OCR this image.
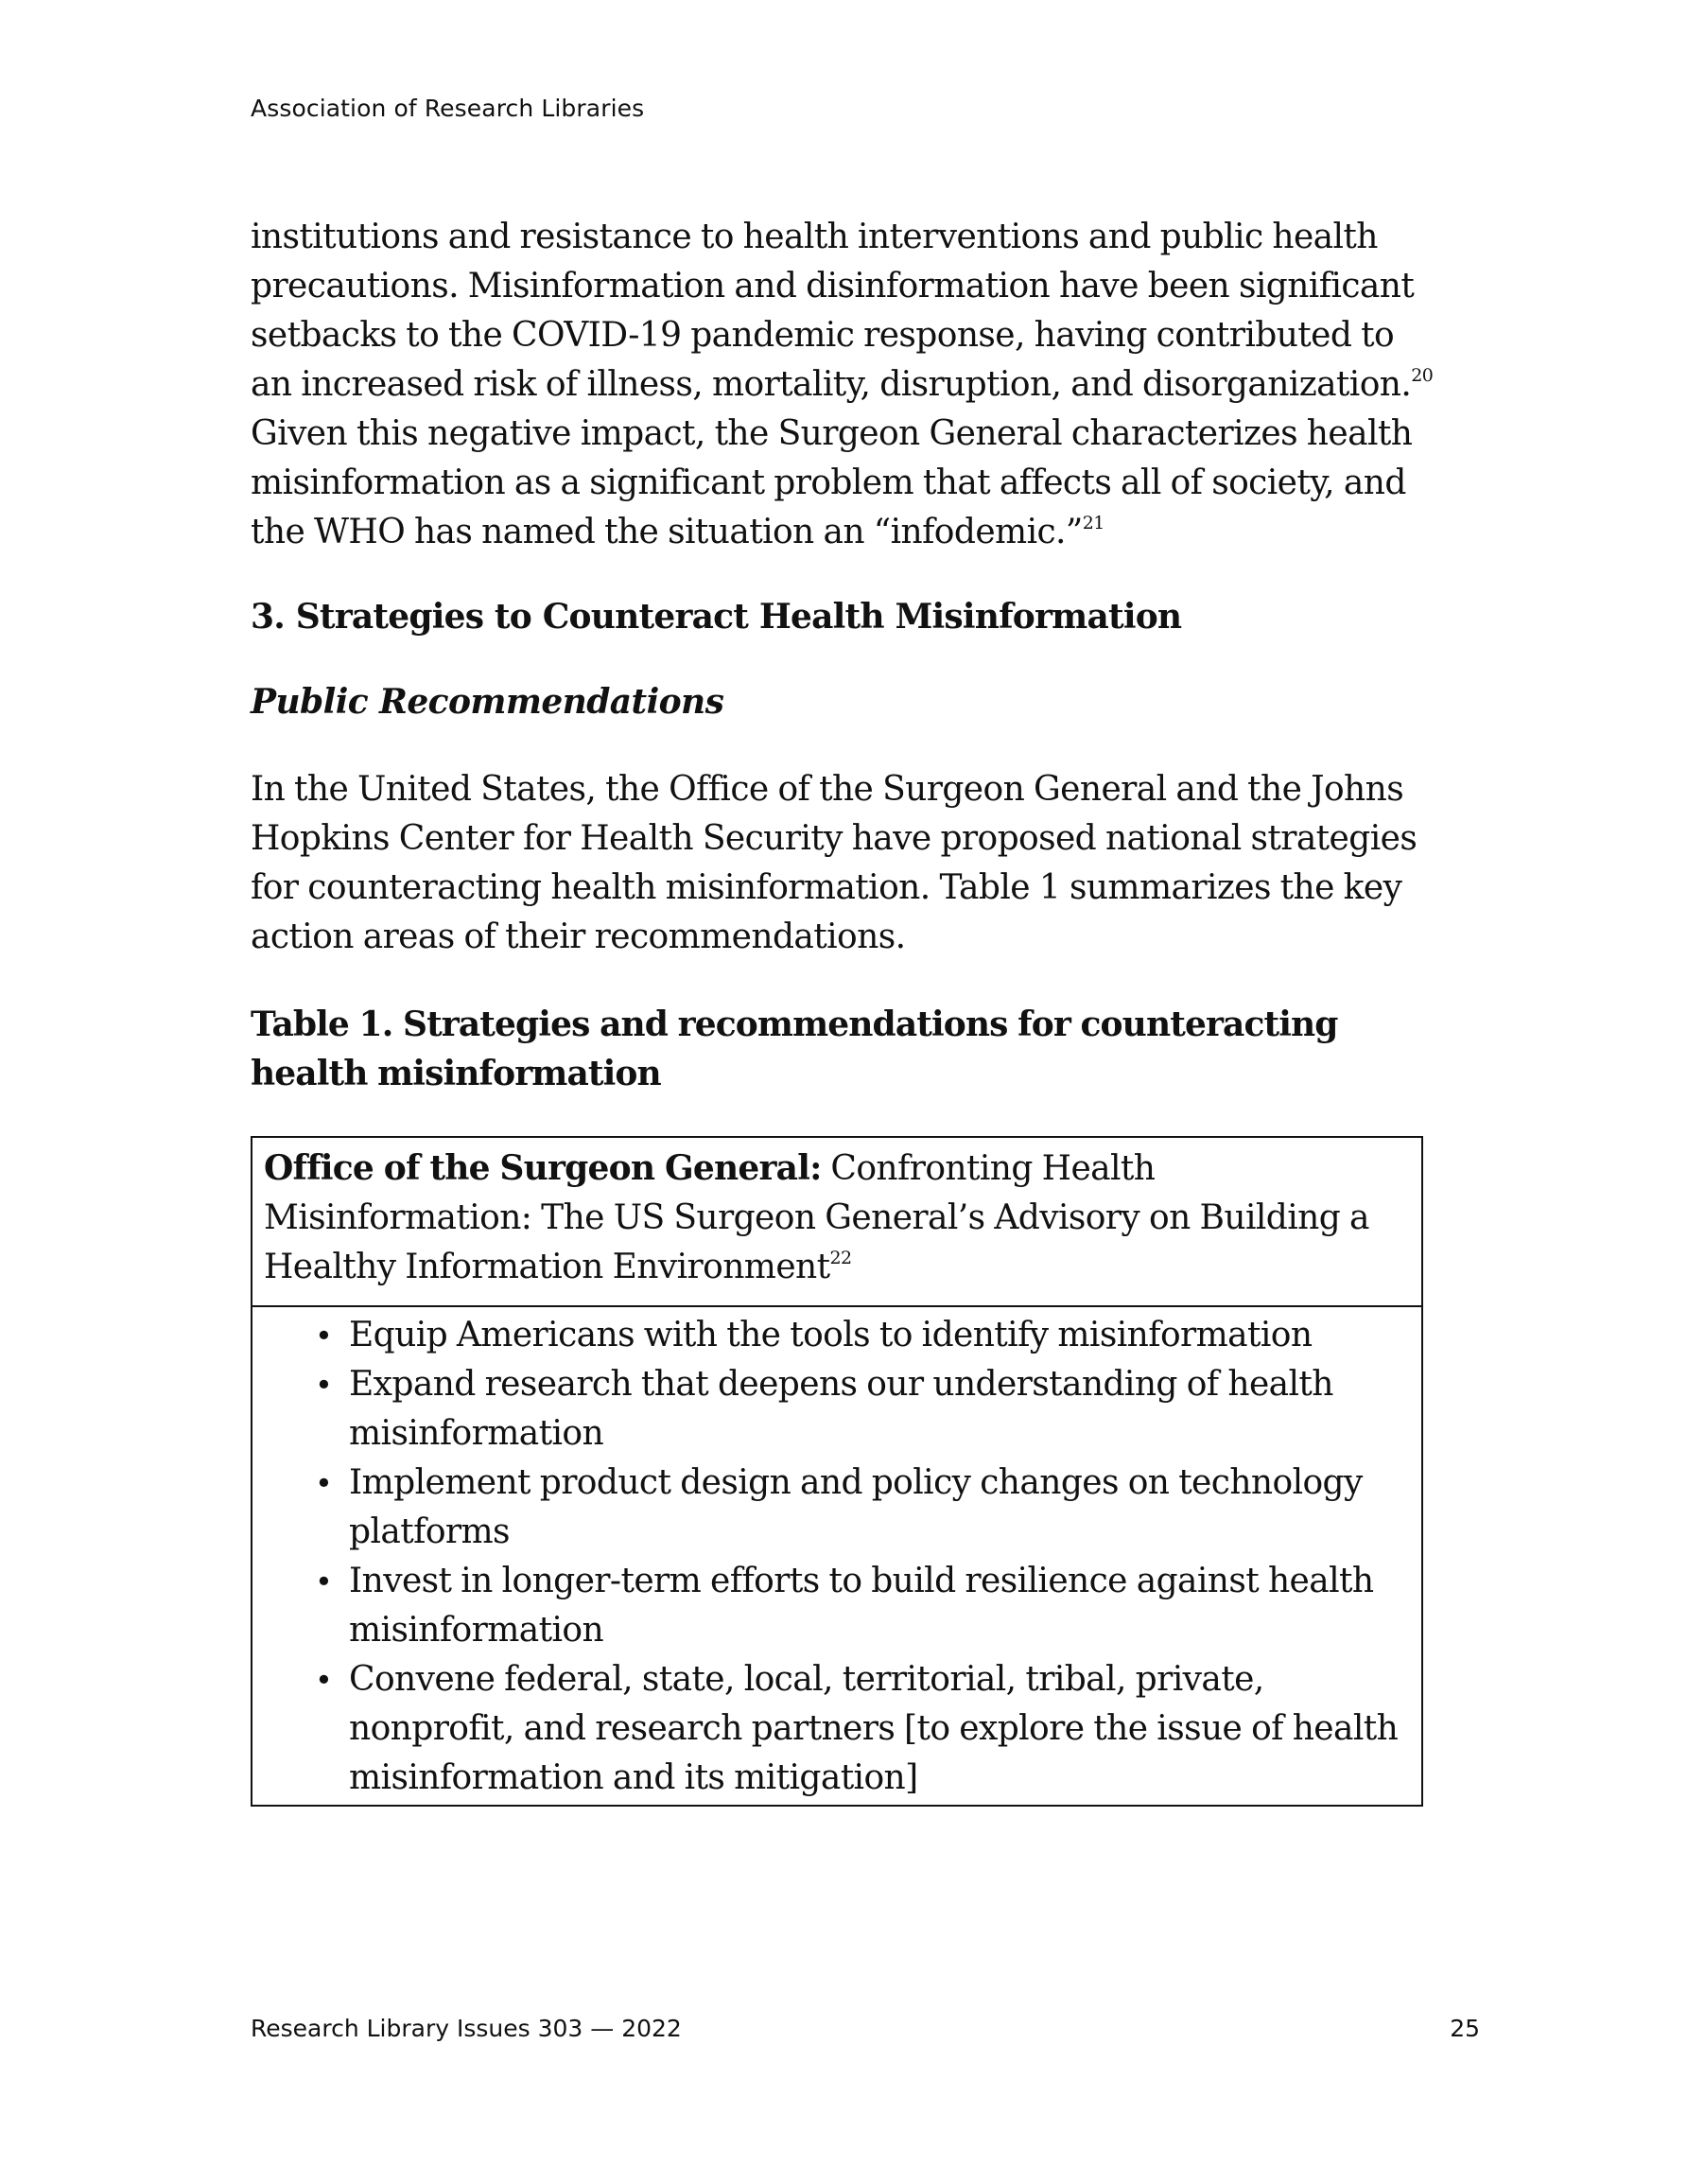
Association of Research Libraries

institutions and resistance to health interventions and public health precautions. Misinformation and disinformation have been significant setbacks to the COVID-19 pandemic response, having contributed to an increased risk of illness, mortality, disruption, and disorganization.$^{20}$ Given this negative impact, the Surgeon General characterizes health misinformation as a significant problem that affects all of society, and the WHO has named the situation an “infodemic.”$^{21}$

3. Strategies to Counteract Health Misinformation
Public Recommendations

In the United States, the Office of the Surgeon General and the Johns Hopkins Center for Health Security have proposed national strategies for counteracting health misinformation. Table 1 summarizes the key action areas of their recommendations.

Table 1. Strategies and recommendations for counteracting health misinformation
Office of the Surgeon General: Confronting Health Misinformation: The US Surgeon General’s Advisory on Building a Healthy Information Environment$^{22}$
• Equip Americans with the tools to identify misinformation
• Expand research that deepens our understanding of health misinformation
• Implement product design and policy changes on technology platforms
• Invest in longer-term efforts to build resilience against health misinformation
• Convene federal, state, local, territorial, tribal, private, nonprofit, and research partners [to explore the issue of health misinformation and its mitigation]
Research Library Issues 303 — 2022	25
